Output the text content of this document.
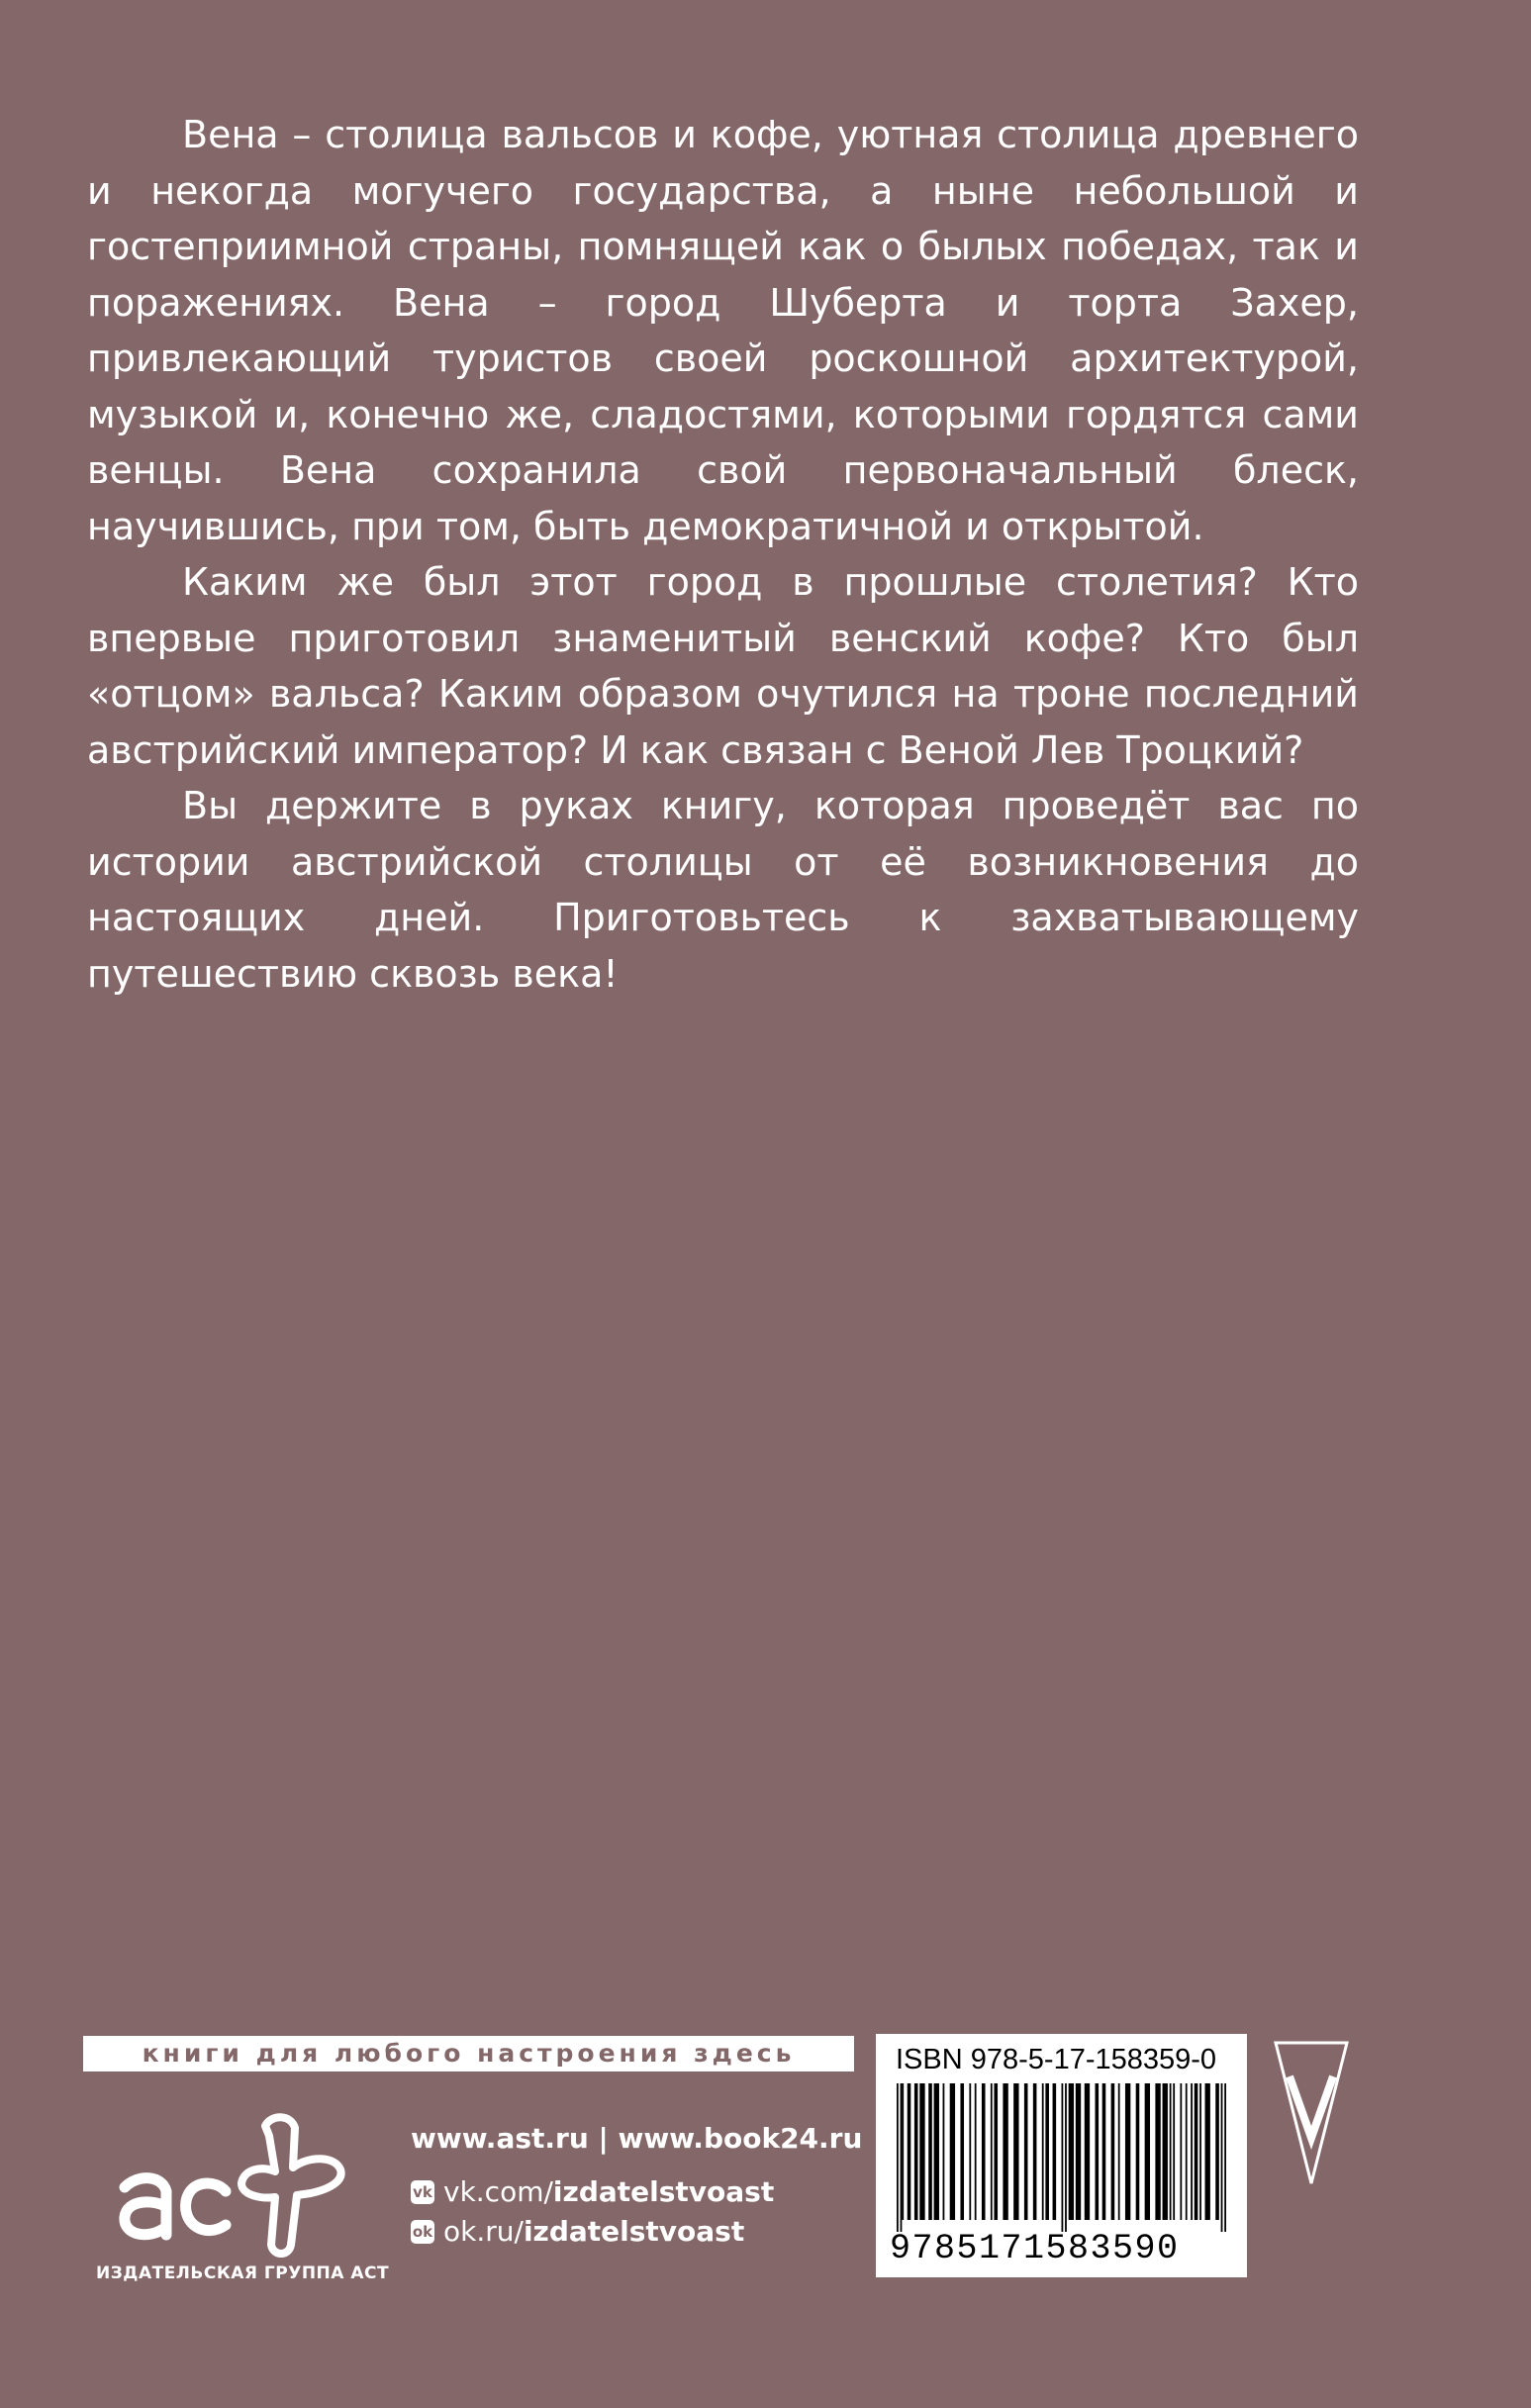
Вена – столица вальсов и кофе, уютная столица древнего и некогда могучего государства, а ныне небольшой и гостеприимной страны, помнящей как о былых победах, так и поражениях. Вена – город Шуберта и торта Захер, привлекающий туристов своей роскошной архитектурой, музыкой и, конечно же, сладостями, которыми гордятся сами венцы. Вена сохранила свой первоначальный блеск, научившись, при том, быть демократичной и открытой.

Каким же был этот город в прошлые столетия? Кто впервые приготовил знаменитый венский кофе? Кто был «отцом» вальса? Каким образом очутился на троне последний австрийский император? И как связан с Веной Лев Троцкий?

Вы держите в руках книгу, которая проведёт вас по истории австрийской столицы от её возникновения до настоящих дней. Приготовьтесь к захватывающему путешествию сквозь века!

книги для любого настроения здесь
ИЗДАТЕЛЬСКАЯ ГРУППА АСТ
www.ast.ru | www.book24.ru
vk vk.com/ izdatelstvoast
ok ok.ru/ izdatelstvoast
ISBN 978-5-17-158359-0
9785171583590
